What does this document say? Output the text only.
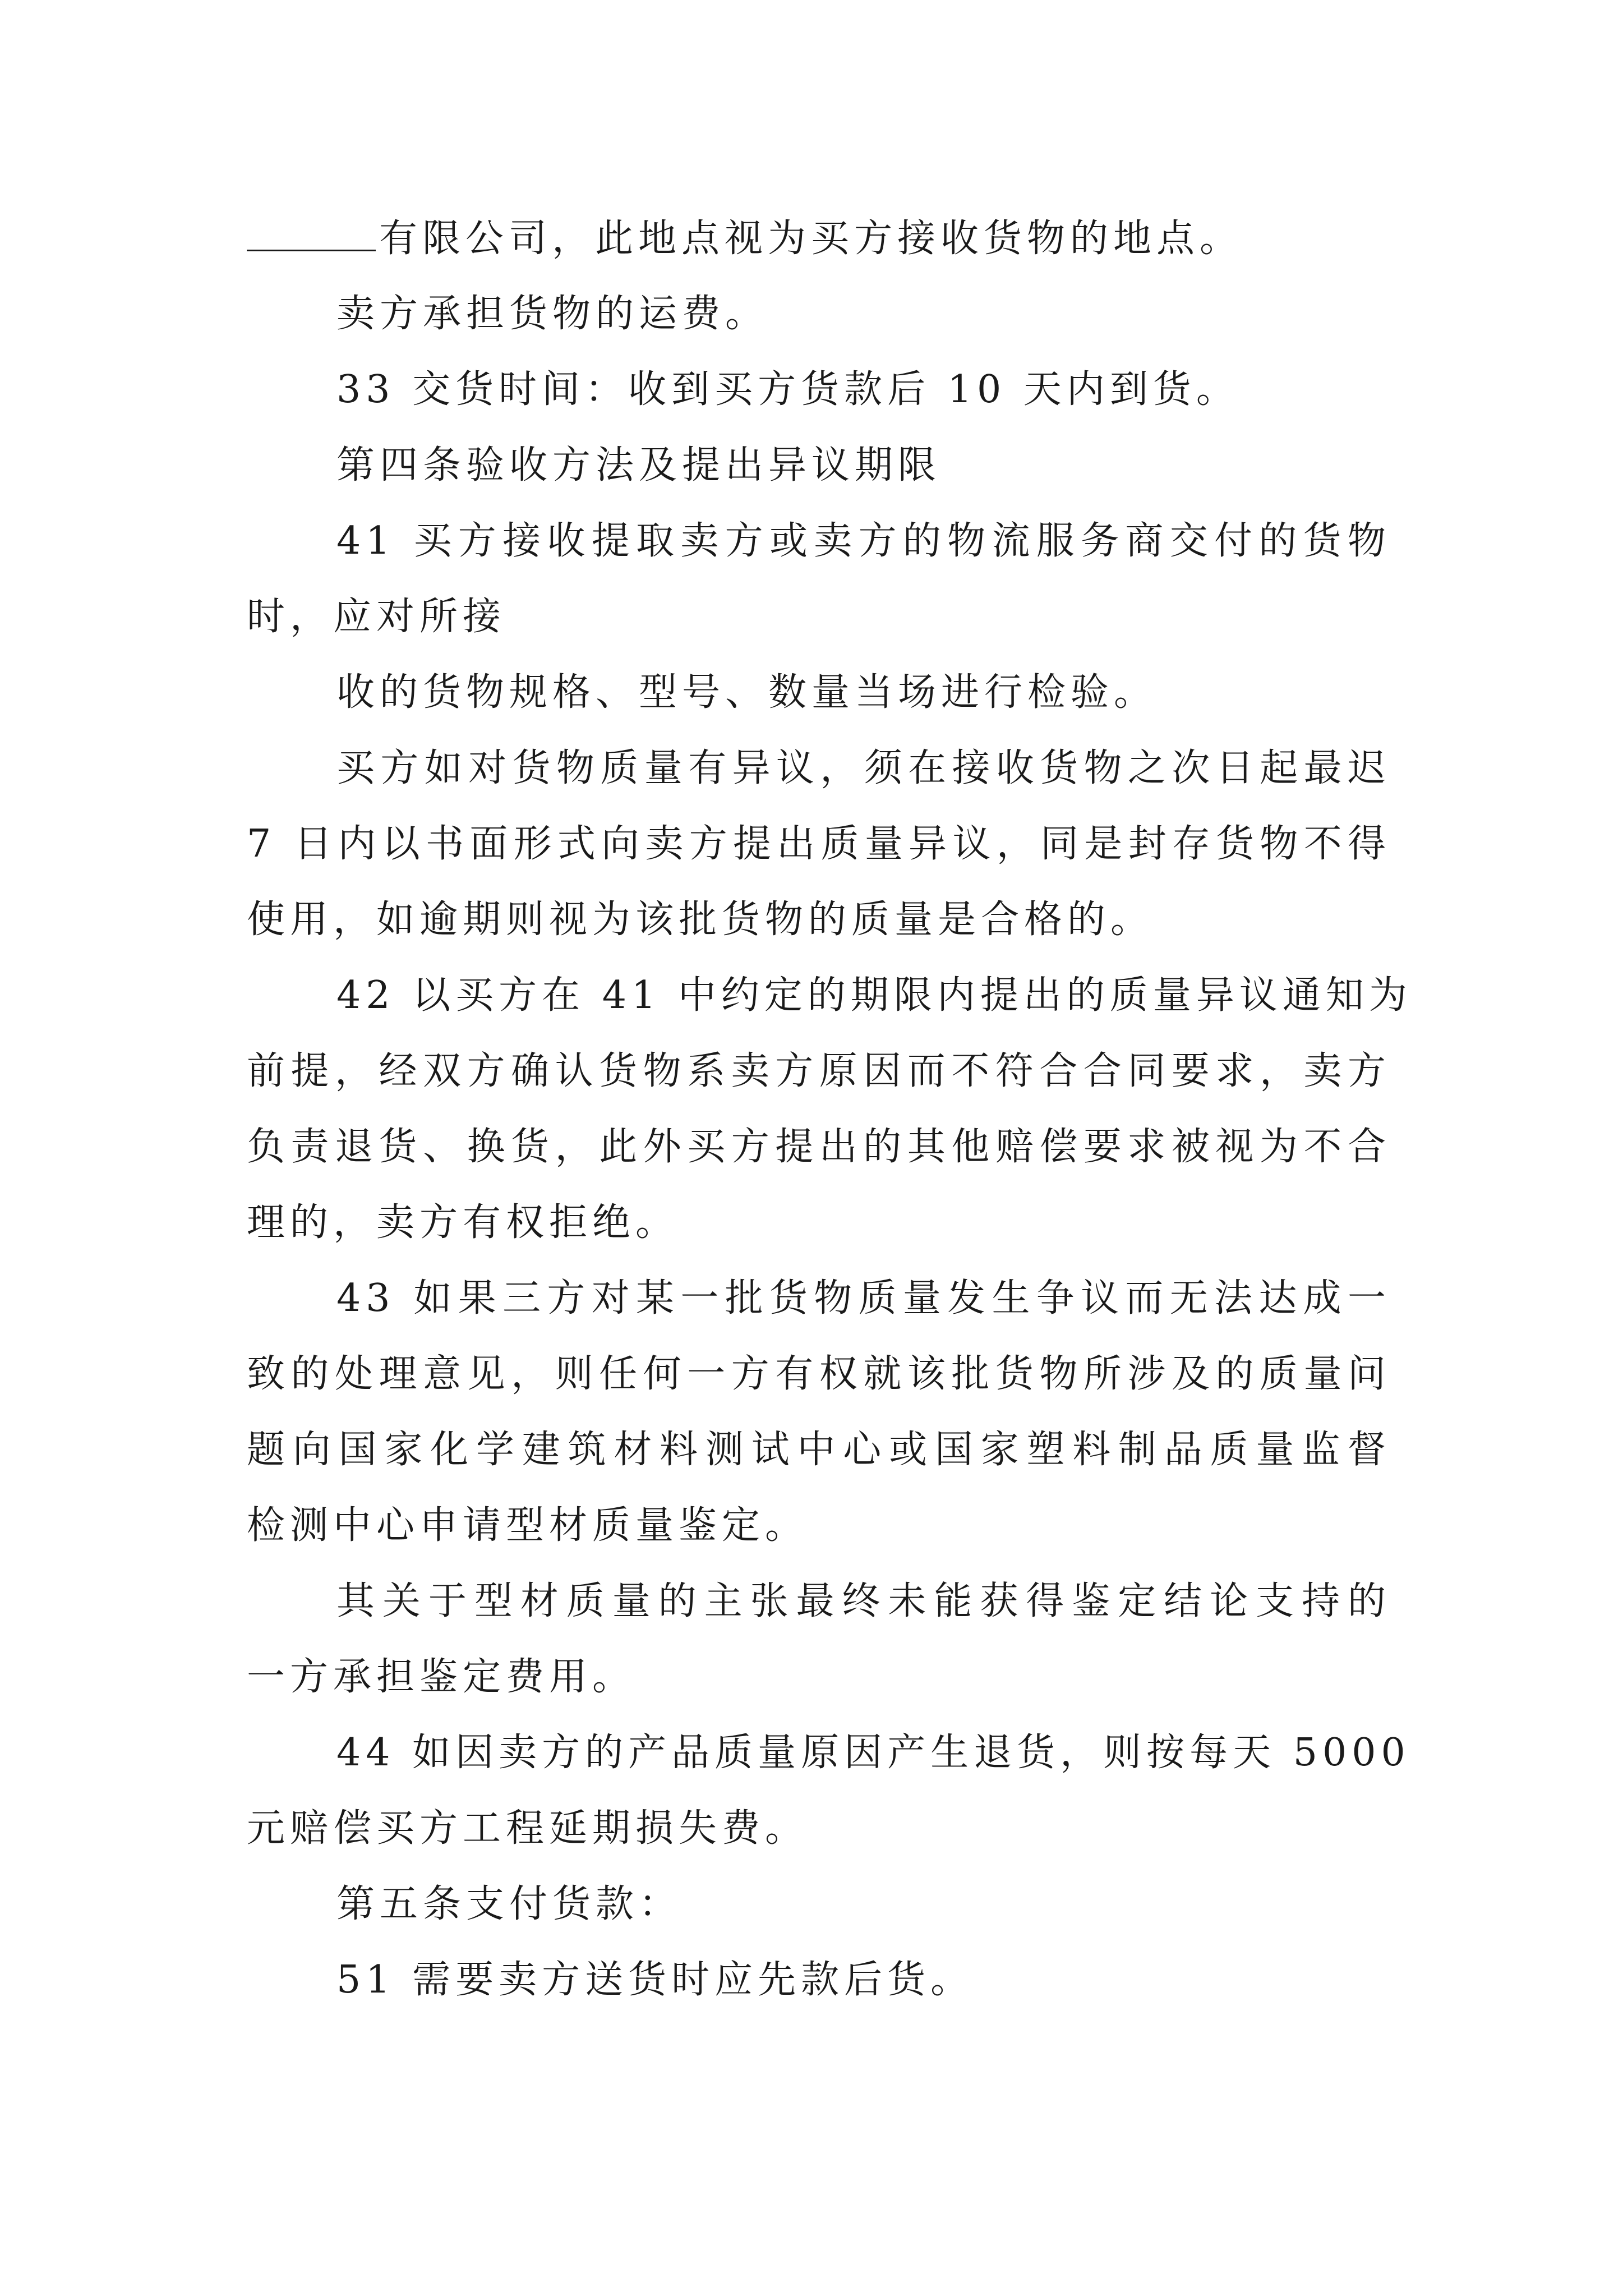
有限公司，此地点视为买方接收货物的地点。
卖方承担货物的运费。
33 交货时间：收到买方货款后 10 天内到货。
第四条验收方法及提出异议期限
41 买方接收提取卖方或卖方的物流服务商交付的货物
时，应对所接
收的货物规格、型号、数量当场进行检验。
买方如对货物质量有异议，须在接收货物之次日起最迟
7 日内以书面形式向卖方提出质量异议，同是封存货物不得
使用，如逾期则视为该批货物的质量是合格的。
42 以买方在 41 中约定的期限内提出的质量异议通知为
前提，经双方确认货物系卖方原因而不符合合同要求，卖方
负责退货、换货，此外买方提出的其他赔偿要求被视为不合
理的，卖方有权拒绝。
43 如果三方对某一批货物质量发生争议而无法达成一
致的处理意见，则任何一方有权就该批货物所涉及的质量问
题向国家化学建筑材料测试中心或国家塑料制品质量监督
检测中心申请型材质量鉴定。
其关于型材质量的主张最终未能获得鉴定结论支持的
一方承担鉴定费用。
44 如因卖方的产品质量原因产生退货，则按每天 5000
元赔偿买方工程延期损失费。
第五条支付货款：
51 需要卖方送货时应先款后货。
